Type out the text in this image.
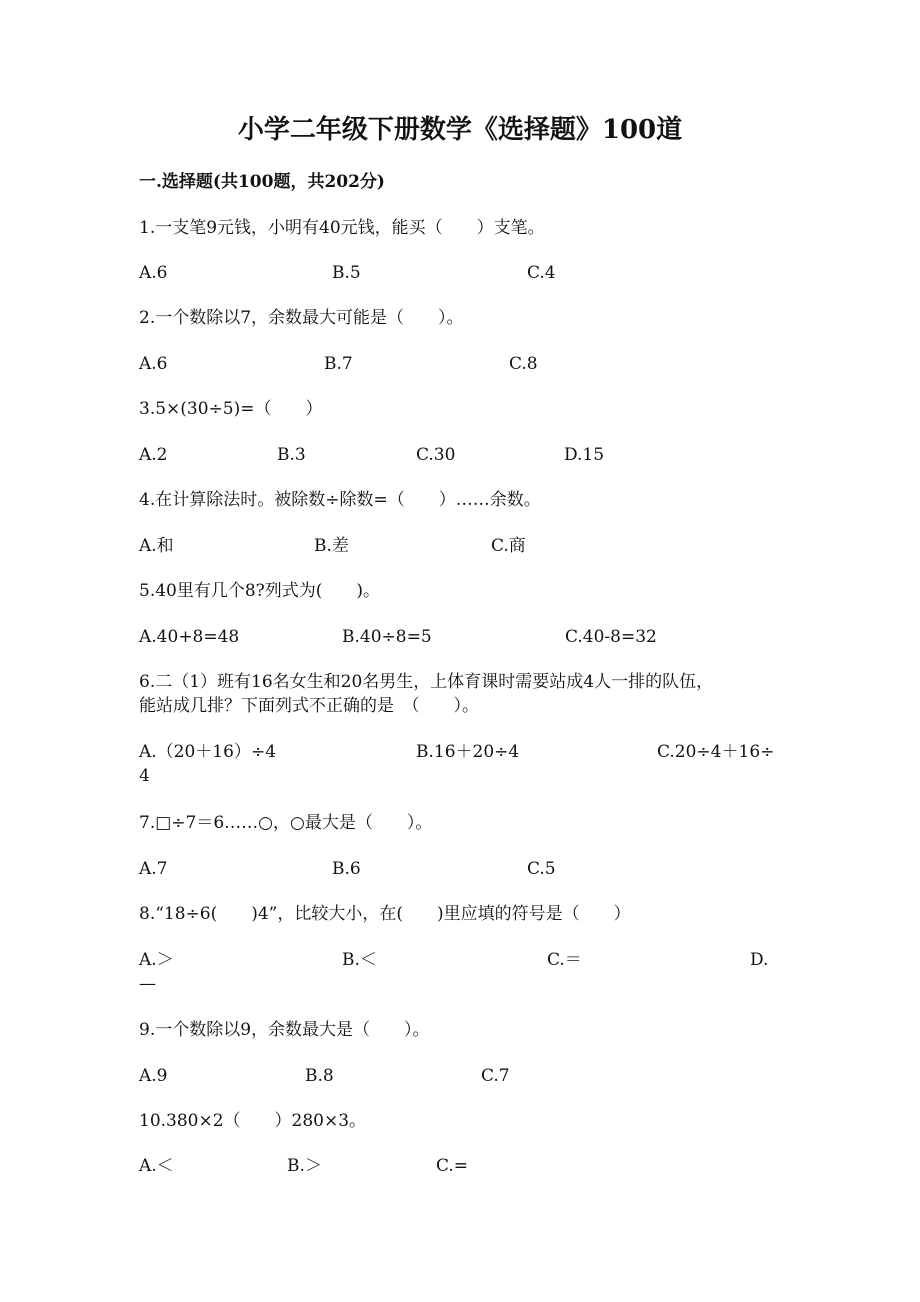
小学二年级下册数学《选择题》100道
一.选择题(共100题，共202分)
1.一支笔9元钱，小明有40元钱，能买（　　）支笔。
A.6	B.5	C.4
2.一个数除以7，余数最大可能是（　　）。
A.6	B.7	C.8
3.5×(30÷5)=（　　）
A.2	B.3	C.30	D.15
4.在计算除法时。被除数÷除数=（　　）……余数。
A.和	B.差	C.商
5.40里有几个8?列式为(　　)。
A.40+8=48	B.40÷8=5	C.40-8=32
6.二（1）班有16名女生和20名男生，上体育课时需要站成4人一排的队伍，
能站成几排？下面列式不正确的是　（　　）。
A.（20＋16）÷4	B.16＋20÷4	C.20÷4＋16÷4
7.□÷7＝6……○，○最大是（　　）。
A.7	B.6	C.5
8.“18÷6(　　)4”，比较大小，在(　　)里应填的符号是（　　）
A.＞	B.＜	C.＝	D.—
9.一个数除以9，余数最大是（　　）。
A.9	B.8	C.7
10.380×2（　　）280×3。
A.＜	B.＞	C.=
